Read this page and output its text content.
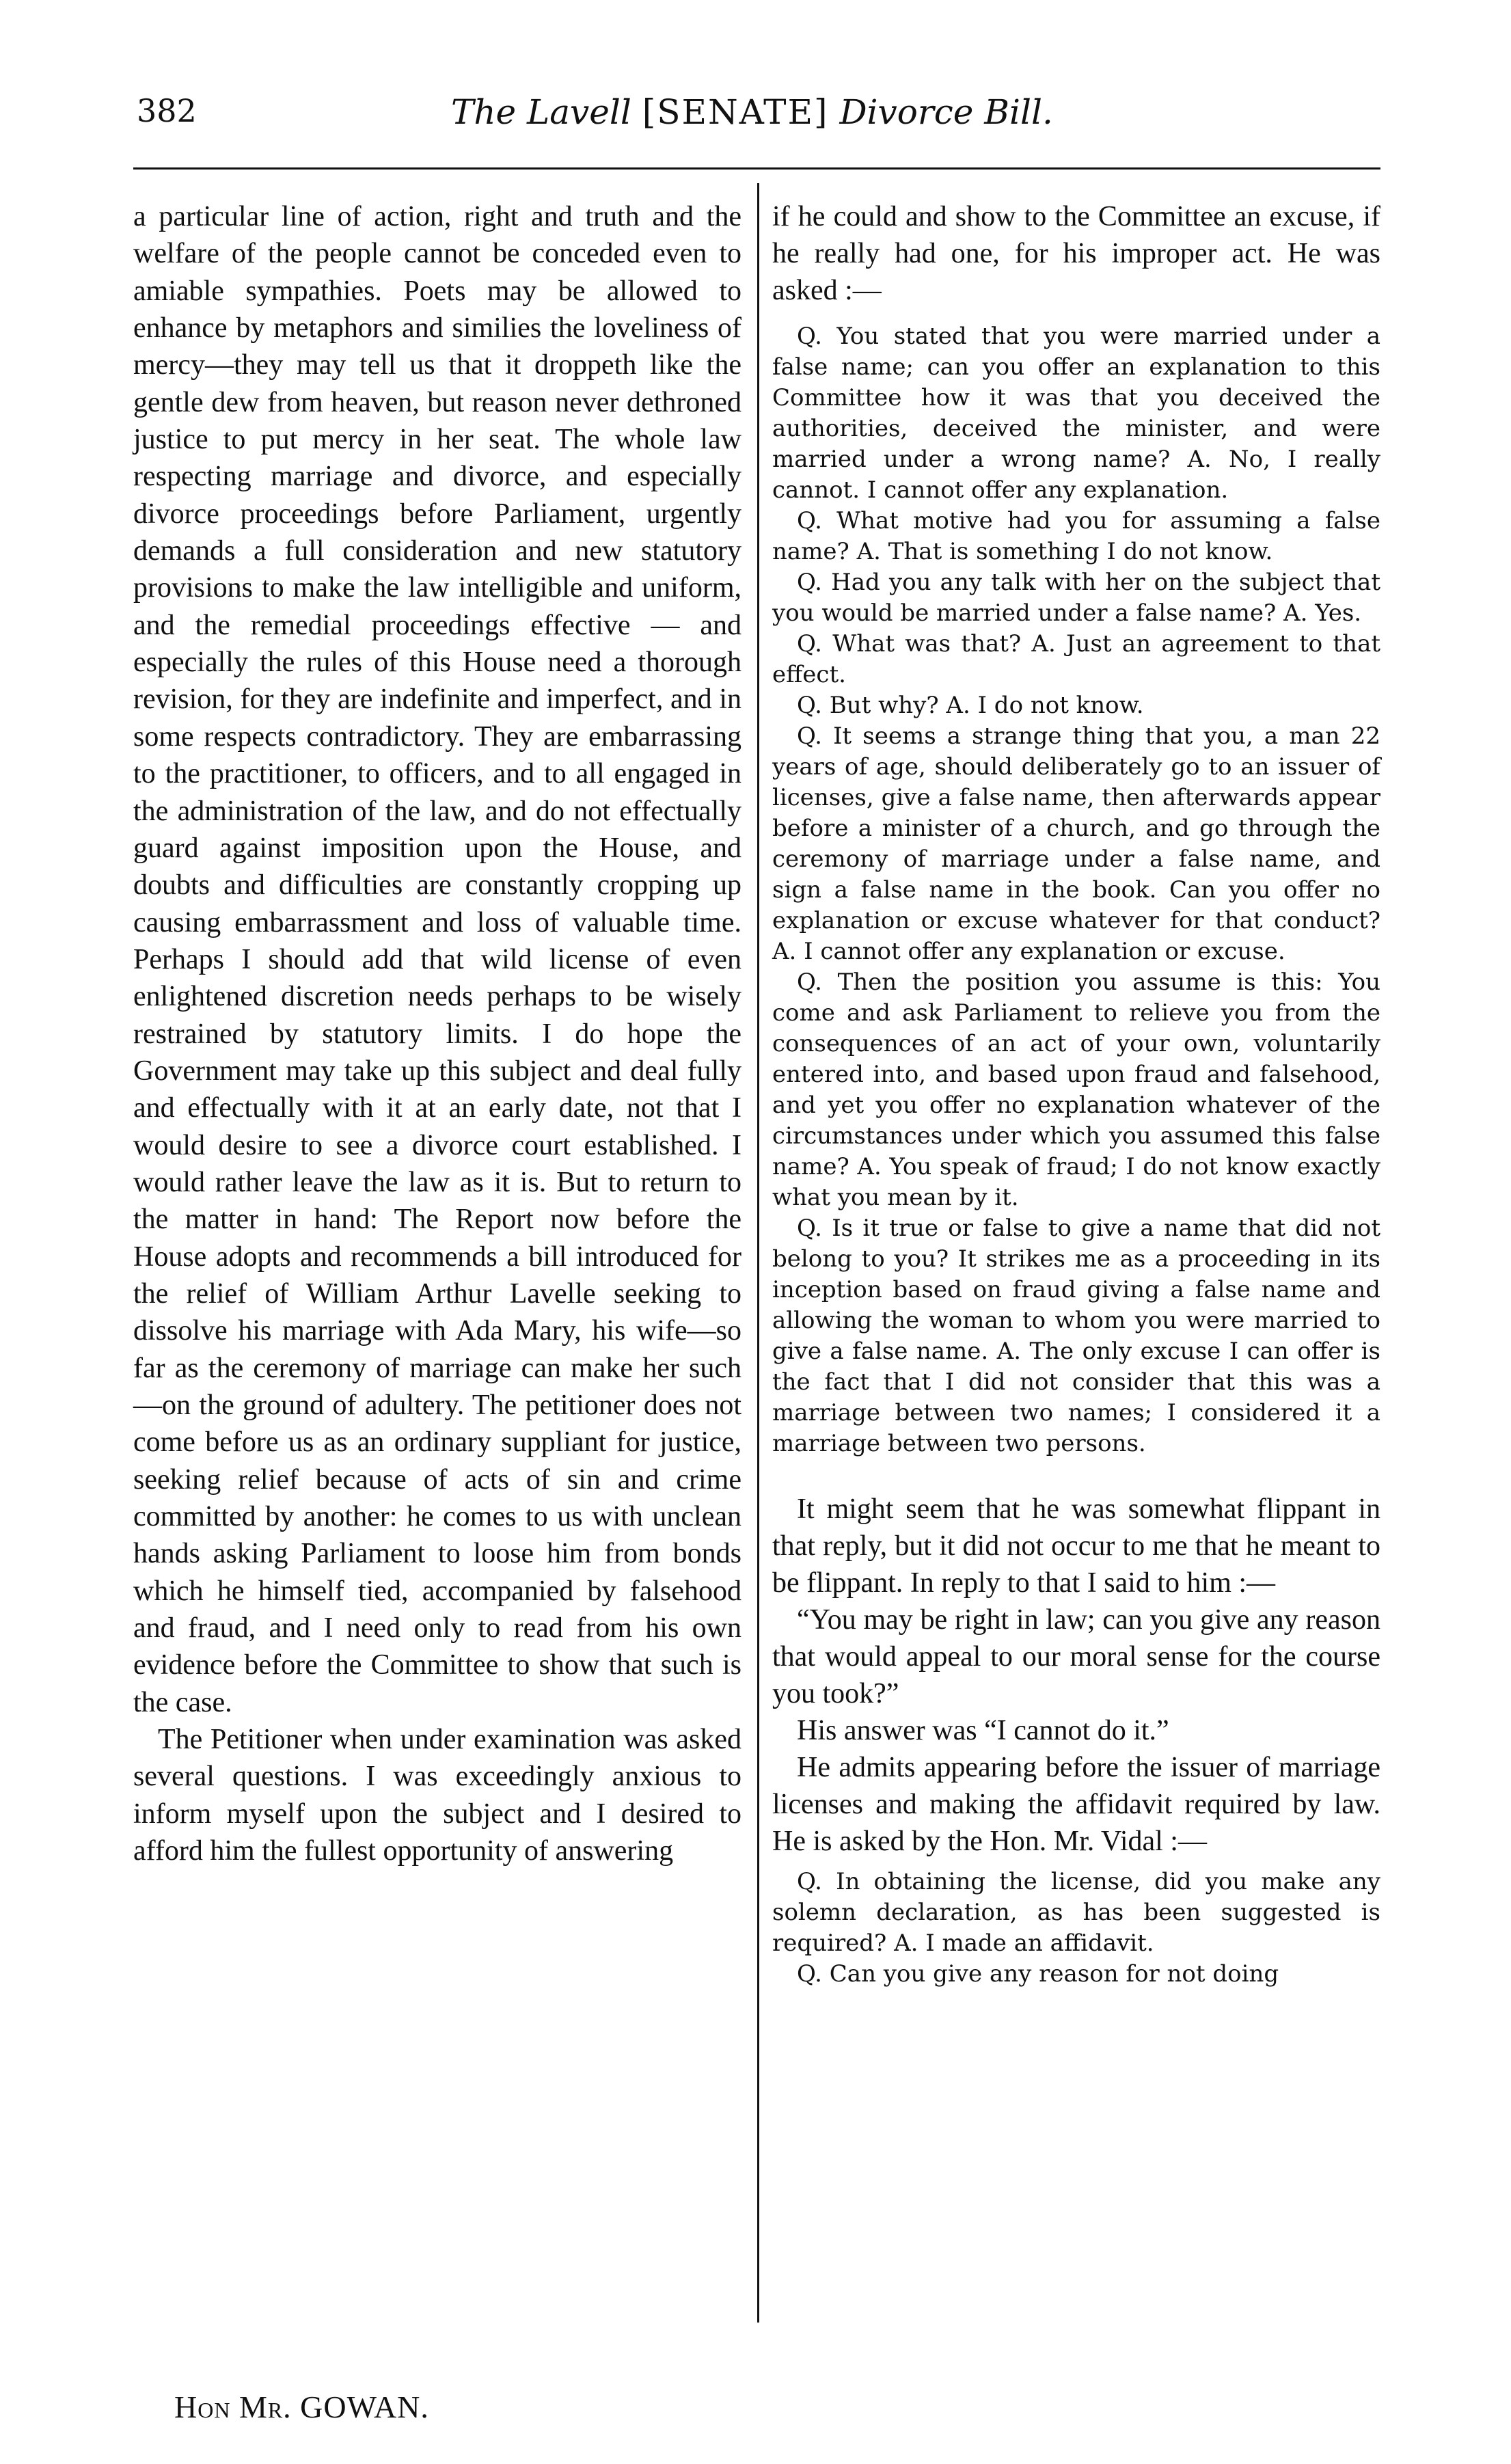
382	The Lavell [SENATE] Divorce Bill.

a particular line of action, right and truth and the welfare of the people cannot be conceded even to amiable sympathies. Poets may be allowed to enhance by metaphors and similies the loveliness of mercy—they may tell us that it droppeth like the gentle dew from heaven, but reason never dethroned justice to put mercy in her seat. The whole law respecting marriage and divorce, and especially divorce proceedings before Parliament, urgently demands a full consideration and new statutory provisions to make the law intelligible and uniform, and the remedial proceedings effective — and especially the rules of this House need a thorough revision, for they are indefinite and imperfect, and in some respects contradictory. They are embarrassing to the practitioner, to officers, and to all engaged in the administration of the law, and do not effectually guard against imposition upon the House, and doubts and difficulties are constantly cropping up causing embarrassment and loss of valuable time. Perhaps I should add that wild license of even enlightened discretion needs perhaps to be wisely restrained by statutory limits. I do hope the Government may take up this subject and deal fully and effectually with it at an early date, not that I would desire to see a divorce court established. I would rather leave the law as it is. But to return to the matter in hand: The Report now before the House adopts and recommends a bill introduced for the relief of William Arthur Lavelle seeking to dissolve his marriage with Ada Mary, his wife—so far as the ceremony of marriage can make her such—on the ground of adultery. The petitioner does not come before us as an ordinary suppliant for justice, seeking relief because of acts of sin and crime committed by another: he comes to us with unclean hands asking Parliament to loose him from bonds which he himself tied, accompanied by falsehood and fraud, and I need only to read from his own evidence before the Committee to show that such is the case.

The Petitioner when under examination was asked several questions. I was exceedingly anxious to inform myself upon the subject and I desired to afford him the fullest opportunity of answering

if he could and show to the Committee an excuse, if he really had one, for his improper act. He was asked :—

Q. You stated that you were married under a false name; can you offer an explanation to this Committee how it was that you deceived the authorities, deceived the minister, and were married under a wrong name? A. No, I really cannot. I cannot offer any explanation.

Q. What motive had you for assuming a false name? A. That is something I do not know.

Q. Had you any talk with her on the subject that you would be married under a false name? A. Yes.

Q. What was that? A. Just an agreement to that effect.

Q. But why? A. I do not know.

Q. It seems a strange thing that you, a man 22 years of age, should deliberately go to an issuer of licenses, give a false name, then afterwards appear before a minister of a church, and go through the ceremony of marriage under a false name, and sign a false name in the book. Can you offer no explanation or excuse whatever for that conduct? A. I cannot offer any explanation or excuse.

Q. Then the position you assume is this: You come and ask Parliament to relieve you from the consequences of an act of your own, voluntarily entered into, and based upon fraud and falsehood, and yet you offer no explanation whatever of the circumstances under which you assumed this false name? A. You speak of fraud; I do not know exactly what you mean by it.

Q. Is it true or false to give a name that did not belong to you? It strikes me as a proceeding in its inception based on fraud giving a false name and allowing the woman to whom you were married to give a false name. A. The only excuse I can offer is the fact that I did not consider that this was a marriage between two names; I considered it a marriage between two persons.

It might seem that he was somewhat flippant in that reply, but it did not occur to me that he meant to be flippant. In reply to that I said to him :—

“You may be right in law; can you give any reason that would appeal to our moral sense for the course you took?”

His answer was “I cannot do it.”

He admits appearing before the issuer of marriage licenses and making the affidavit required by law. He is asked by the Hon. Mr. Vidal :—

Q. In obtaining the license, did you make any solemn declaration, as has been suggested is required? A. I made an affidavit.

Q. Can you give any reason for not doing

Hon Mr. GOWAN.
